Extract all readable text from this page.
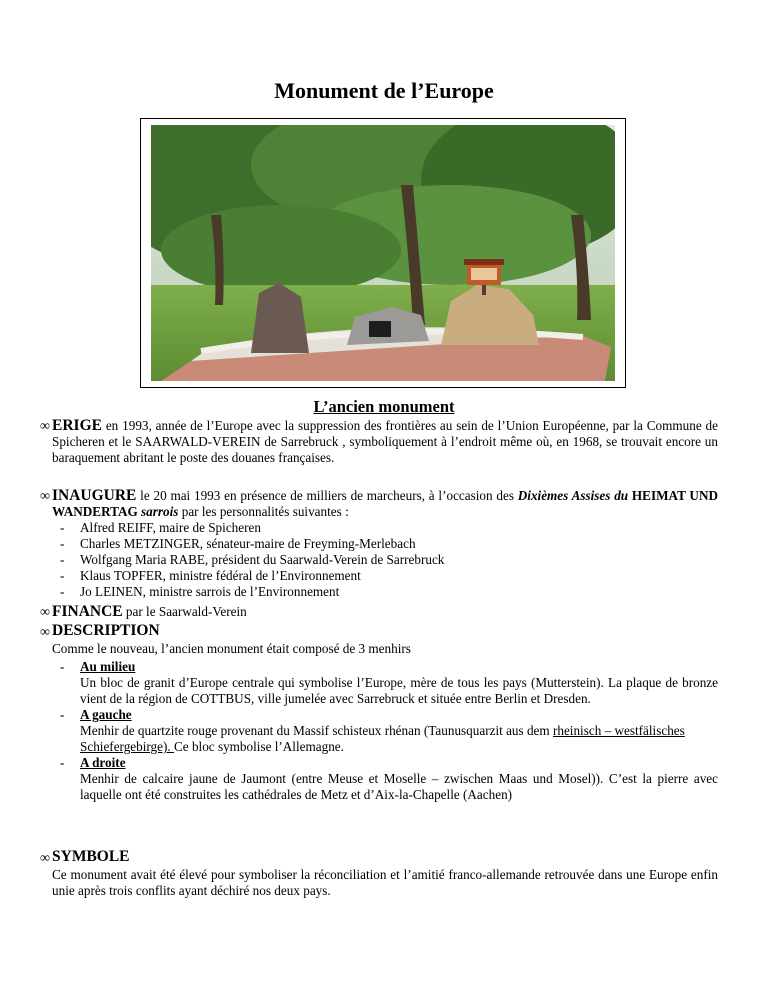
Monument de l’Europe
L’ancien monument
∞ ERIGE en 1993, année de l’Europe avec la suppression des frontières au sein de l’Union Européenne, par la Commune de Spicheren et le SAARWALD-VEREIN de Sarrebruck , symboliquement à l’endroit même où, en 1968, se trouvait encore un baraquement abritant le poste des douanes françaises.
∞ INAUGURE le 20 mai 1993 en présence de milliers de marcheurs, à l’occasion des Dixièmes Assises du HEIMAT UND WANDERTAG sarrois par les personnalités suivantes :
- Alfred REIFF, maire de Spicheren
- Charles METZINGER, sénateur-maire de Freyming-Merlebach
- Wolfgang Maria RABE, président du Saarwald-Verein de Sarrebruck
- Klaus TOPFER, ministre fédéral de l’Environnement
- Jo LEINEN, ministre sarrois de l’Environnement
∞ FINANCE par le Saarwald-Verein
∞ DESCRIPTION
Comme le nouveau, l’ancien monument était composé de 3 menhirs
- Au milieu
Un bloc de granit d’Europe centrale qui symbolise l’Europe, mère de tous les pays (Mutterstein). La plaque de bronze vient de la région de COTTBUS, ville jumelée avec Sarrebruck et située entre Berlin et Dresden.
- A gauche
Menhir de quartzite rouge provenant du Massif schisteux rhénan (Taunusquarzit aus dem rheinisch – westfälisches Schiefergebirge). Ce bloc symbolise l’Allemagne.
- A droite
Menhir de calcaire jaune de Jaumont (entre Meuse et Moselle – zwischen Maas und Mosel)). C’est la pierre avec laquelle ont été construites les cathédrales de Metz et d’Aix-la-Chapelle (Aachen)
∞ SYMBOLE
Ce monument avait été élevé pour symboliser la réconciliation et l’amitié franco-allemande retrouvée dans une Europe enfin unie après trois conflits ayant déchiré nos deux pays.
